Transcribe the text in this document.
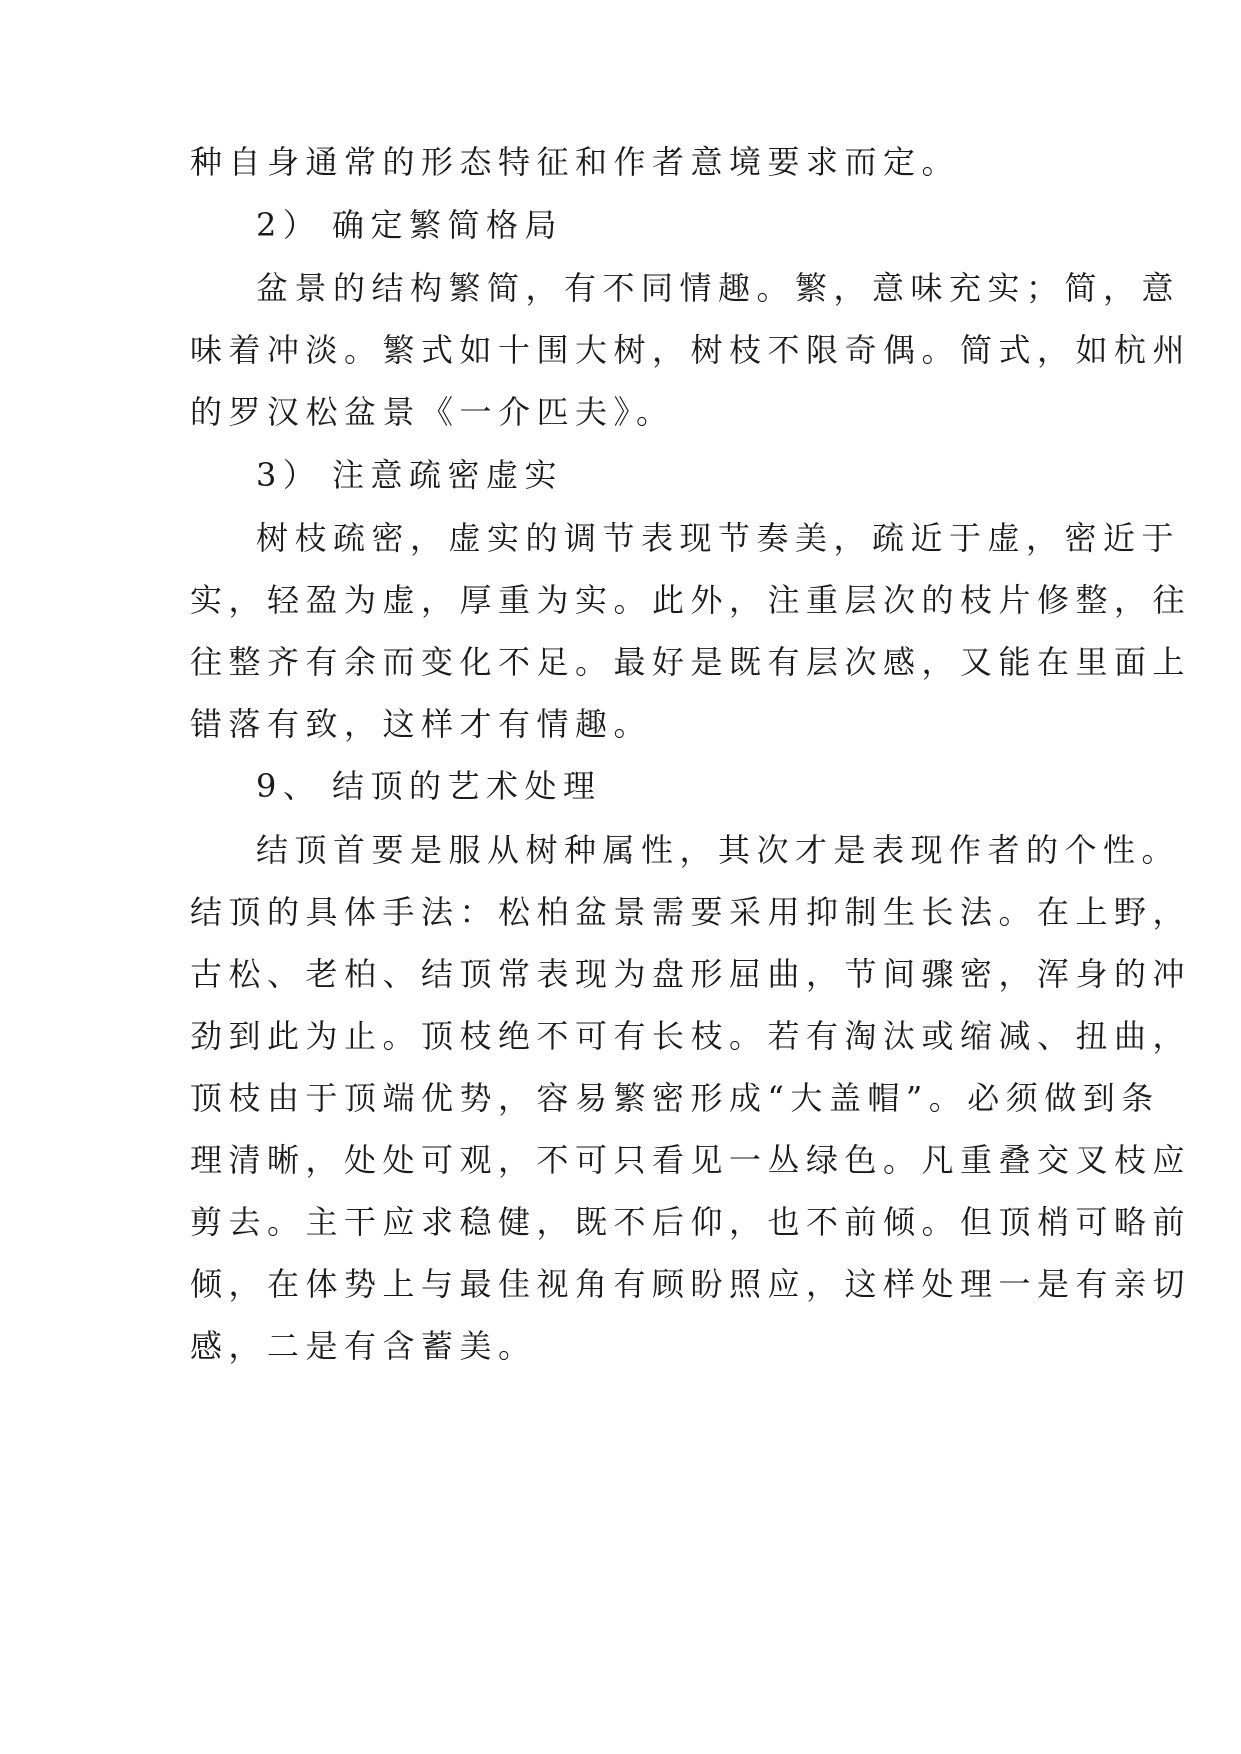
种自身通常的形态特征和作者意境要求而定。
2） 确定繁简格局
盆景的结构繁简，有不同情趣。繁，意味充实；简，意
味着冲淡。繁式如十围大树，树枝不限奇偶。简式，如杭州
的罗汉松盆景《一介匹夫》。
3） 注意疏密虚实
树枝疏密，虚实的调节表现节奏美，疏近于虚，密近于
实，轻盈为虚，厚重为实。此外，注重层次的枝片修整，往
往整齐有余而变化不足。最好是既有层次感，又能在里面上
错落有致，这样才有情趣。
9、 结顶的艺术处理
结顶首要是服从树种属性，其次才是表现作者的个性。
结顶的具体手法：松柏盆景需要采用抑制生长法。在上野，
古松、老柏、结顶常表现为盘形屈曲，节间骤密，浑身的冲
劲到此为止。顶枝绝不可有长枝。若有淘汰或缩减、扭曲，
顶枝由于顶端优势，容易繁密形成“大盖帽”。必须做到条
理清晰，处处可观，不可只看见一丛绿色。凡重叠交叉枝应
剪去。主干应求稳健，既不后仰，也不前倾。但顶梢可略前
倾，在体势上与最佳视角有顾盼照应，这样处理一是有亲切
感，二是有含蓄美。
